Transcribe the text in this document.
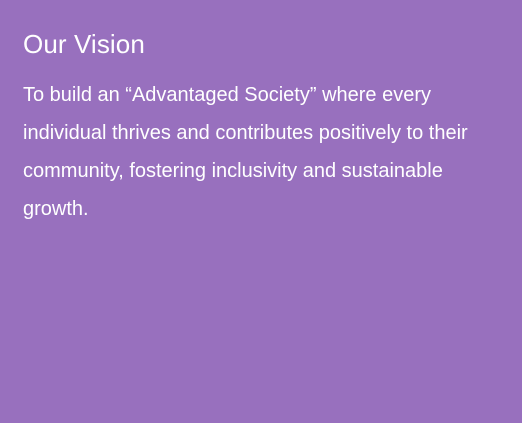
Our Vision

To build an “Advantaged Society” where every individual thrives and contributes positively to their community, fostering inclusivity and sustainable growth.
